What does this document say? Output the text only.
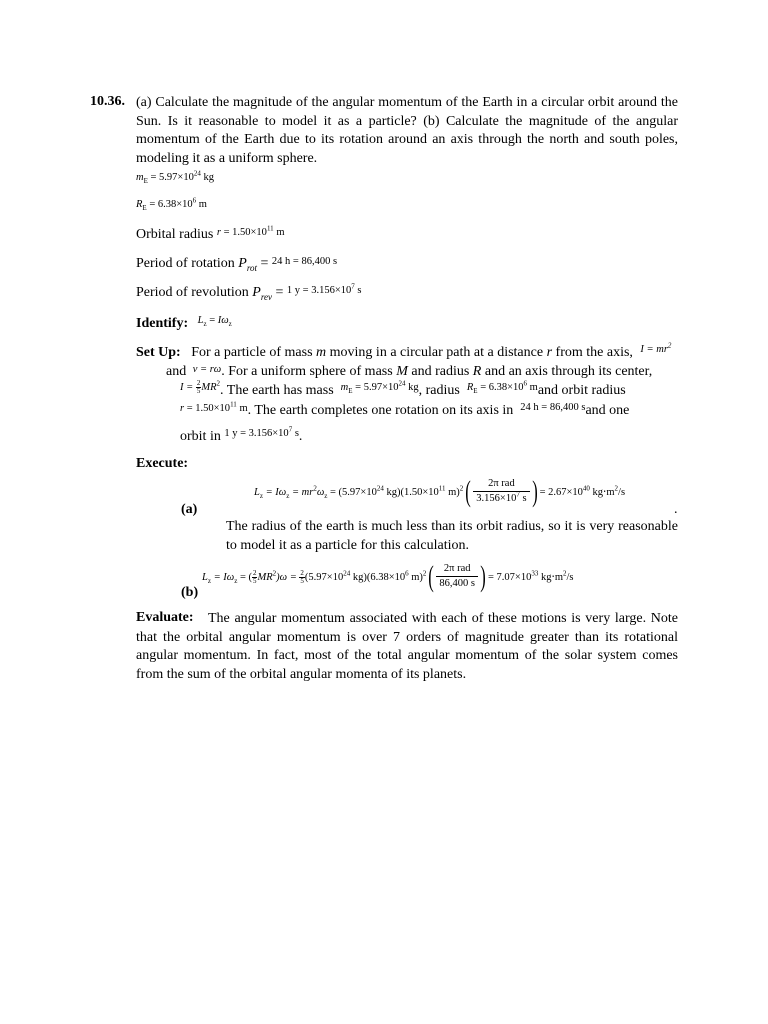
10.36. (a) Calculate the magnitude of the angular momentum of the Earth in a circular orbit around the Sun. Is it reasonable to model it as a particle? (b) Calculate the magnitude of the angular momentum of the Earth due to its rotation around an axis through the north and south poles, modeling it as a uniform sphere.
$m_E = 5.97\times 10^{24}$ kg
$R_E = 6.38\times 10^6$ m
Orbital radius $^{r = 1.50\times 10^{11} m}$
Period of rotation $P_{rot} = ^{24 h = 86,400 s}$
Period of revolution $P_{rev} = ^{1 y = 3.156\times 10^7 s}$
Identify: $^{L_z = I\omega_z}$
Set Up: For a particle of mass m moving in a circular path at a distance r from the axis, $^{I = mr^2}$
and $^{v = r\omega}$. For a uniform sphere of mass M and radius R and an axis through its center,
$^{I = \frac{2}{5} MR^2}$. The earth has mass $^{m_E = 5.97\times 10^{24} kg}$, radius $^{R_E = 6.38\times 10^6 m}$and orbit radius
$^{r = 1.50\times 10^{11} m}$. The earth completes one rotation on its axis in $^{24 h = 86,400 s}$and one
orbit in $^{1 y = 3.156\times 10^7 s}$.
Execute:
$L_z = I\omega_z = mr^2\omega_z = (5.97\times 10^{24}$ $kg)(1.50\times 10^{11}$ $m)^2( \frac{\text{2π rad}}{3.156\times 10^7 s}$ ) = $2.67\times 10^{40}$ $kg\cdot m^2/s$
(a)	.
The radius of the earth is much less than its orbit radius, so it is very reasonable to model it as a particle for this calculation.
$L_z = I\omega_z$ = ( $\frac{2}{5} MR^2)\omega = \frac{2}{5} (5.97\times 10^{24}$ $kg)(6.38\times 10^6$ $m)^2( \frac{\text{2π rad}}{86,400 s}$ ) = $7.07\times 10^{33}$ $kg\cdot m^2/s$
(b)
Evaluate:	The angular momentum associated with each of these motions is very large. Note that the orbital angular momentum is over 7 orders of magnitude greater than its rotational angular momentum. In fact, most of the total angular momentum of the solar system comes from the sum of the orbital angular momenta of its planets.
